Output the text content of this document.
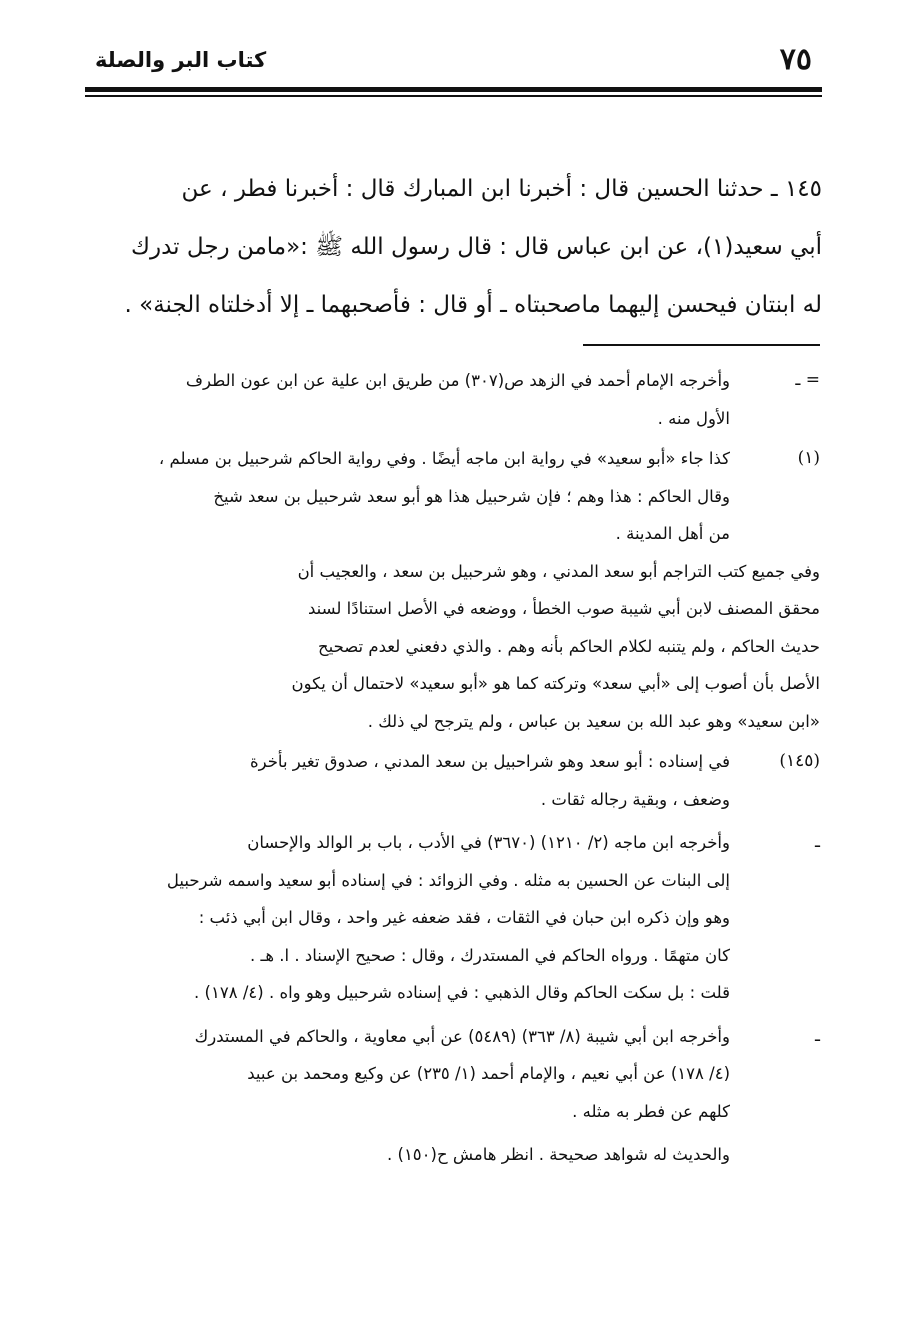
٧٥
كتاب البر والصلة
١٤٥ ـ حدثنا الحسين قال : أخبرنا ابن المبارك قال : أخبرنا فطر ، عن
أبي سعيد(١)، عن ابن عباس قال : قال رسول الله ﷺ :«مامن رجل تدرك
له ابنتان فيحسن إليهما ماصحبتاه ـ أو قال : فأصحبهما ـ إلا أدخلتاه الجنة» .
= ـ
وأخرجه الإمام أحمد في الزهد ص(٣٠٧) من طريق ابن علية عن ابن عون الطرف
الأول منه .
(١)
كذا جاء «أبو سعيد» في رواية ابن ماجه أيضًا . وفي رواية الحاكم شرحبيل بن مسلم ،
وقال الحاكم : هذا وهم ؛ فإن شرحبيل هذا هو أبو سعد شرحبيل بن سعد شيخ
من أهل المدينة .
وفي جميع كتب التراجم أبو سعد المدني ، وهو شرحبيل بن سعد ، والعجيب أن
محقق المصنف لابن أبي شيبة صوب الخطأ ، ووضعه في الأصل استنادًا لسند
حديث الحاكم ، ولم يتنبه لكلام الحاكم بأنه وهم . والذي دفعني لعدم تصحيح
الأصل بأن أصوب إلى «أبي سعد» وتركته كما هو «أبو سعيد» لاحتمال أن يكون
«ابن سعيد» وهو عبد الله بن سعيد بن عباس ، ولم يترجح لي ذلك .
(١٤٥)
في إسناده : أبو سعد وهو شراحبيل بن سعد المدني ، صدوق تغير بأخرة
وضعف ، وبقية رجاله ثقات .
ـ
وأخرجه ابن ماجه (٢/ ١٢١٠) (٣٦٧٠) في الأدب ، باب بر الوالد والإحسان
إلى البنات عن الحسين به مثله . وفي الزوائد : في إسناده أبو سعيد واسمه شرحبيل
وهو وإن ذكره ابن حبان في الثقات ، فقد ضعفه غير واحد ، وقال ابن أبي ذئب :
كان متهمًا . ورواه الحاكم في المستدرك ، وقال : صحيح الإسناد . ا. هـ .
قلت : بل سكت الحاكم وقال الذهبي : في إسناده شرحبيل وهو واه . (٤/ ١٧٨) .
ـ
وأخرجه ابن أبي شيبة (٨/ ٣٦٣) (٥٤٨٩) عن أبي معاوية ، والحاكم في المستدرك
(٤/ ١٧٨) عن أبي نعيم ، والإمام أحمد (١/ ٢٣٥) عن وكيع ومحمد بن عبيد
كلهم عن فطر به مثله .
والحديث له شواهد صحيحة . انظر هامش ح(١٥٠) .
